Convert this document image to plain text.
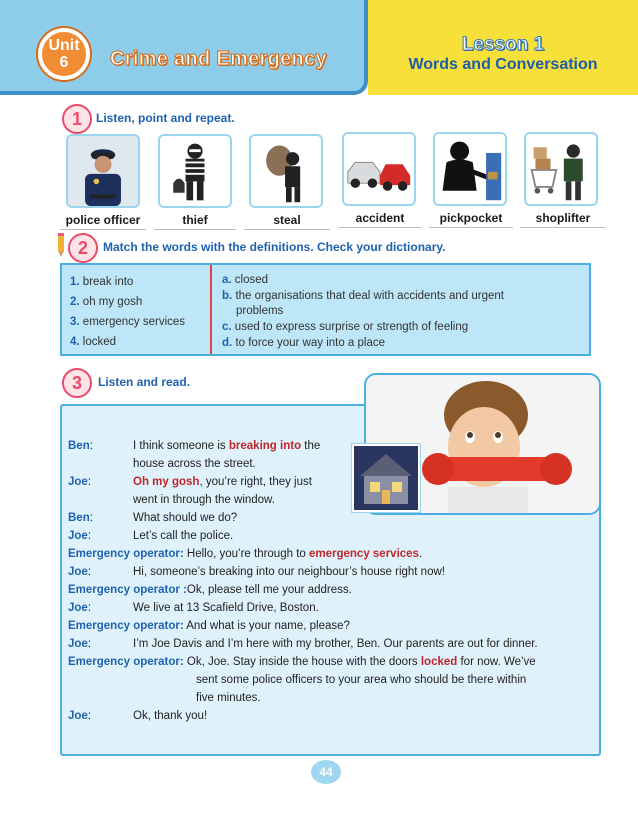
Unit
6	Crime and Emergency
Lesson 1
Words and Conversation
1	Listen, point and repeat.
police officer	thief	steal	accident	pickpocket	shoplifter
2	Match the words with the definitions. Check your dictionary.
1. break into
2. oh my gosh
3. emergency services
4. locked
a. closed
b. the organisations that deal with accidents and urgent
problems
c. used to express surprise or strength of feeling
d. to force your way into a place
3	Listen and read.
Ben:	I think someone is breaking into the
house across the street.
Joe:	Oh my gosh, you’re right, they just
went in through the window.
Ben:	What should we do?
Joe:	Let’s call the police.
Emergency operator: Hello, you’re through to emergency services.
Joe:	Hi, someone’s breaking into our neighbour’s house right now!
Emergency operator :Ok, please tell me your address.
Joe:	We live at 13 Scafield Drive, Boston.
Emergency operator: And what is your name, please?
Joe:	I’m Joe Davis and I’m here with my brother, Ben. Our parents are out for dinner.
Emergency operator: Ok, Joe. Stay inside the house with the doors locked for now. We’ve
sent some police officers to your area who should be there within
five minutes.
Joe:	Ok, thank you!
44
